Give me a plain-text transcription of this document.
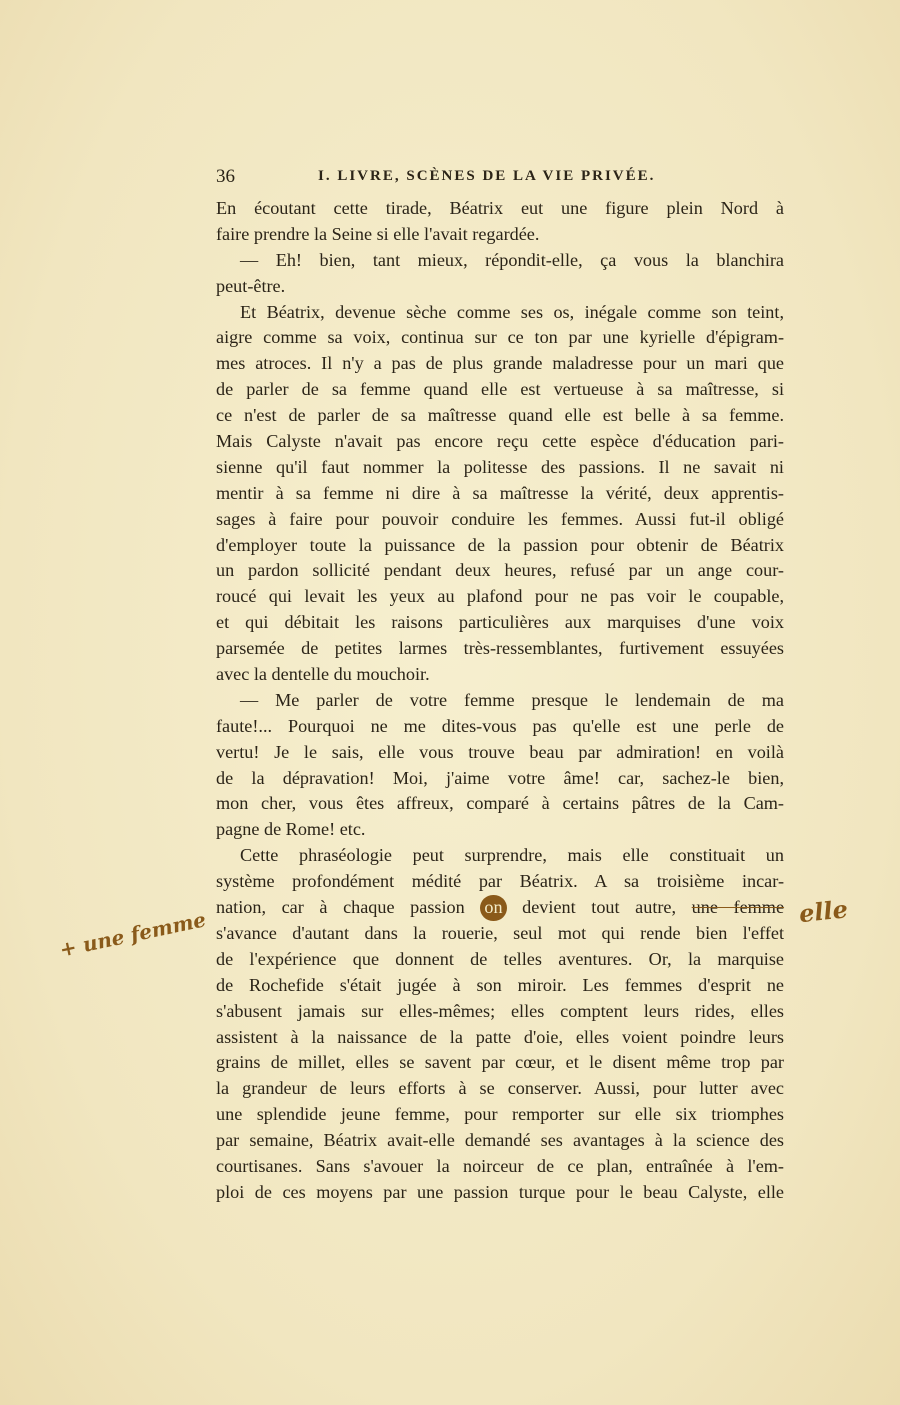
36	I. LIVRE, SCÈNES DE LA VIE PRIVÉE.
En écoutant cette tirade, Béatrix eut une figure plein Nord à
faire prendre la Seine si elle l'avait regardée.
— Eh! bien, tant mieux, répondit-elle, ça vous la blanchira
peut-être.
Et Béatrix, devenue sèche comme ses os, inégale comme son teint,
aigre comme sa voix, continua sur ce ton par une kyrielle d'épigram-
mes atroces. Il n'y a pas de plus grande maladresse pour un mari que
de parler de sa femme quand elle est vertueuse à sa maîtresse, si
ce n'est de parler de sa maîtresse quand elle est belle à sa femme.
Mais Calyste n'avait pas encore reçu cette espèce d'éducation pari-
sienne qu'il faut nommer la politesse des passions. Il ne savait ni
mentir à sa femme ni dire à sa maîtresse la vérité, deux apprentis-
sages à faire pour pouvoir conduire les femmes. Aussi fut-il obligé
d'employer toute la puissance de la passion pour obtenir de Béatrix
un pardon sollicité pendant deux heures, refusé par un ange cour-
roucé qui levait les yeux au plafond pour ne pas voir le coupable,
et qui débitait les raisons particulières aux marquises d'une voix
parsemée de petites larmes très-ressemblantes, furtivement essuyées
avec la dentelle du mouchoir.
— Me parler de votre femme presque le lendemain de ma
faute!... Pourquoi ne me dites-vous pas qu'elle est une perle de
vertu! Je le sais, elle vous trouve beau par admiration! en voilà
de la dépravation! Moi, j'aime votre âme! car, sachez-le bien,
mon cher, vous êtes affreux, comparé à certains pâtres de la Cam-
pagne de Rome! etc.
Cette phraséologie peut surprendre, mais elle constituait un
système profondément médité par Béatrix. A sa troisième incar-
nation, car à chaque passion on devient tout autre, une femme
s'avance d'autant dans la rouerie, seul mot qui rende bien l'effet
de l'expérience que donnent de telles aventures. Or, la marquise
de Rochefide s'était jugée à son miroir. Les femmes d'esprit ne
s'abusent jamais sur elles-mêmes; elles comptent leurs rides, elles
assistent à la naissance de la patte d'oie, elles voient poindre leurs
grains de millet, elles se savent par cœur, et le disent même trop par
la grandeur de leurs efforts à se conserver. Aussi, pour lutter avec
une splendide jeune femme, pour remporter sur elle six triomphes
par semaine, Béatrix avait-elle demandé ses avantages à la science des
courtisanes. Sans s'avouer la noirceur de ce plan, entraînée à l'em-
ploi de ces moyens par une passion turque pour le beau Calyste, elle
+ une femme	elle
